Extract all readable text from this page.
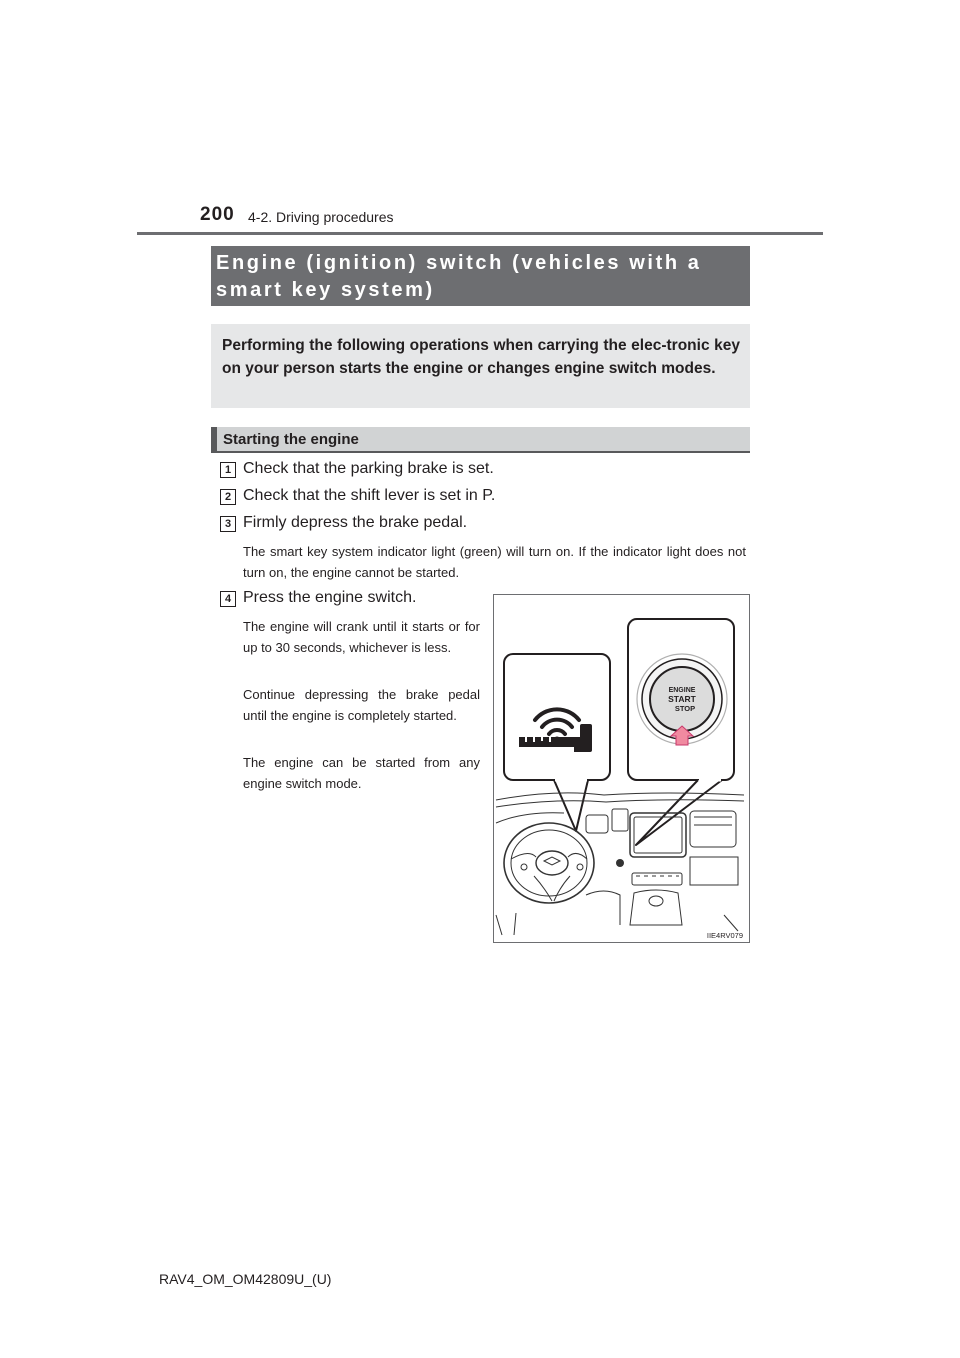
200 4-2. Driving procedures
Engine (ignition) switch (vehicles with a smart key system)
Performing the following operations when carrying the elec-tronic key on your person starts the engine or changes engine switch modes.
Starting the engine
1 Check that the parking brake is set.
2 Check that the shift lever is set in P.
3 Firmly depress the brake pedal.
The smart key system indicator light (green) will turn on. If the indicator light does not turn on, the engine cannot be started.
4 Press the engine switch.
The engine will crank until it starts or for up to 30 seconds, whichever is less.
Continue depressing the brake pedal until the engine is completely started.
The engine can be started from any engine switch mode.
ENGINE
START
STOP
IIE4RV079
RAV4_OM_OM42809U_(U)
